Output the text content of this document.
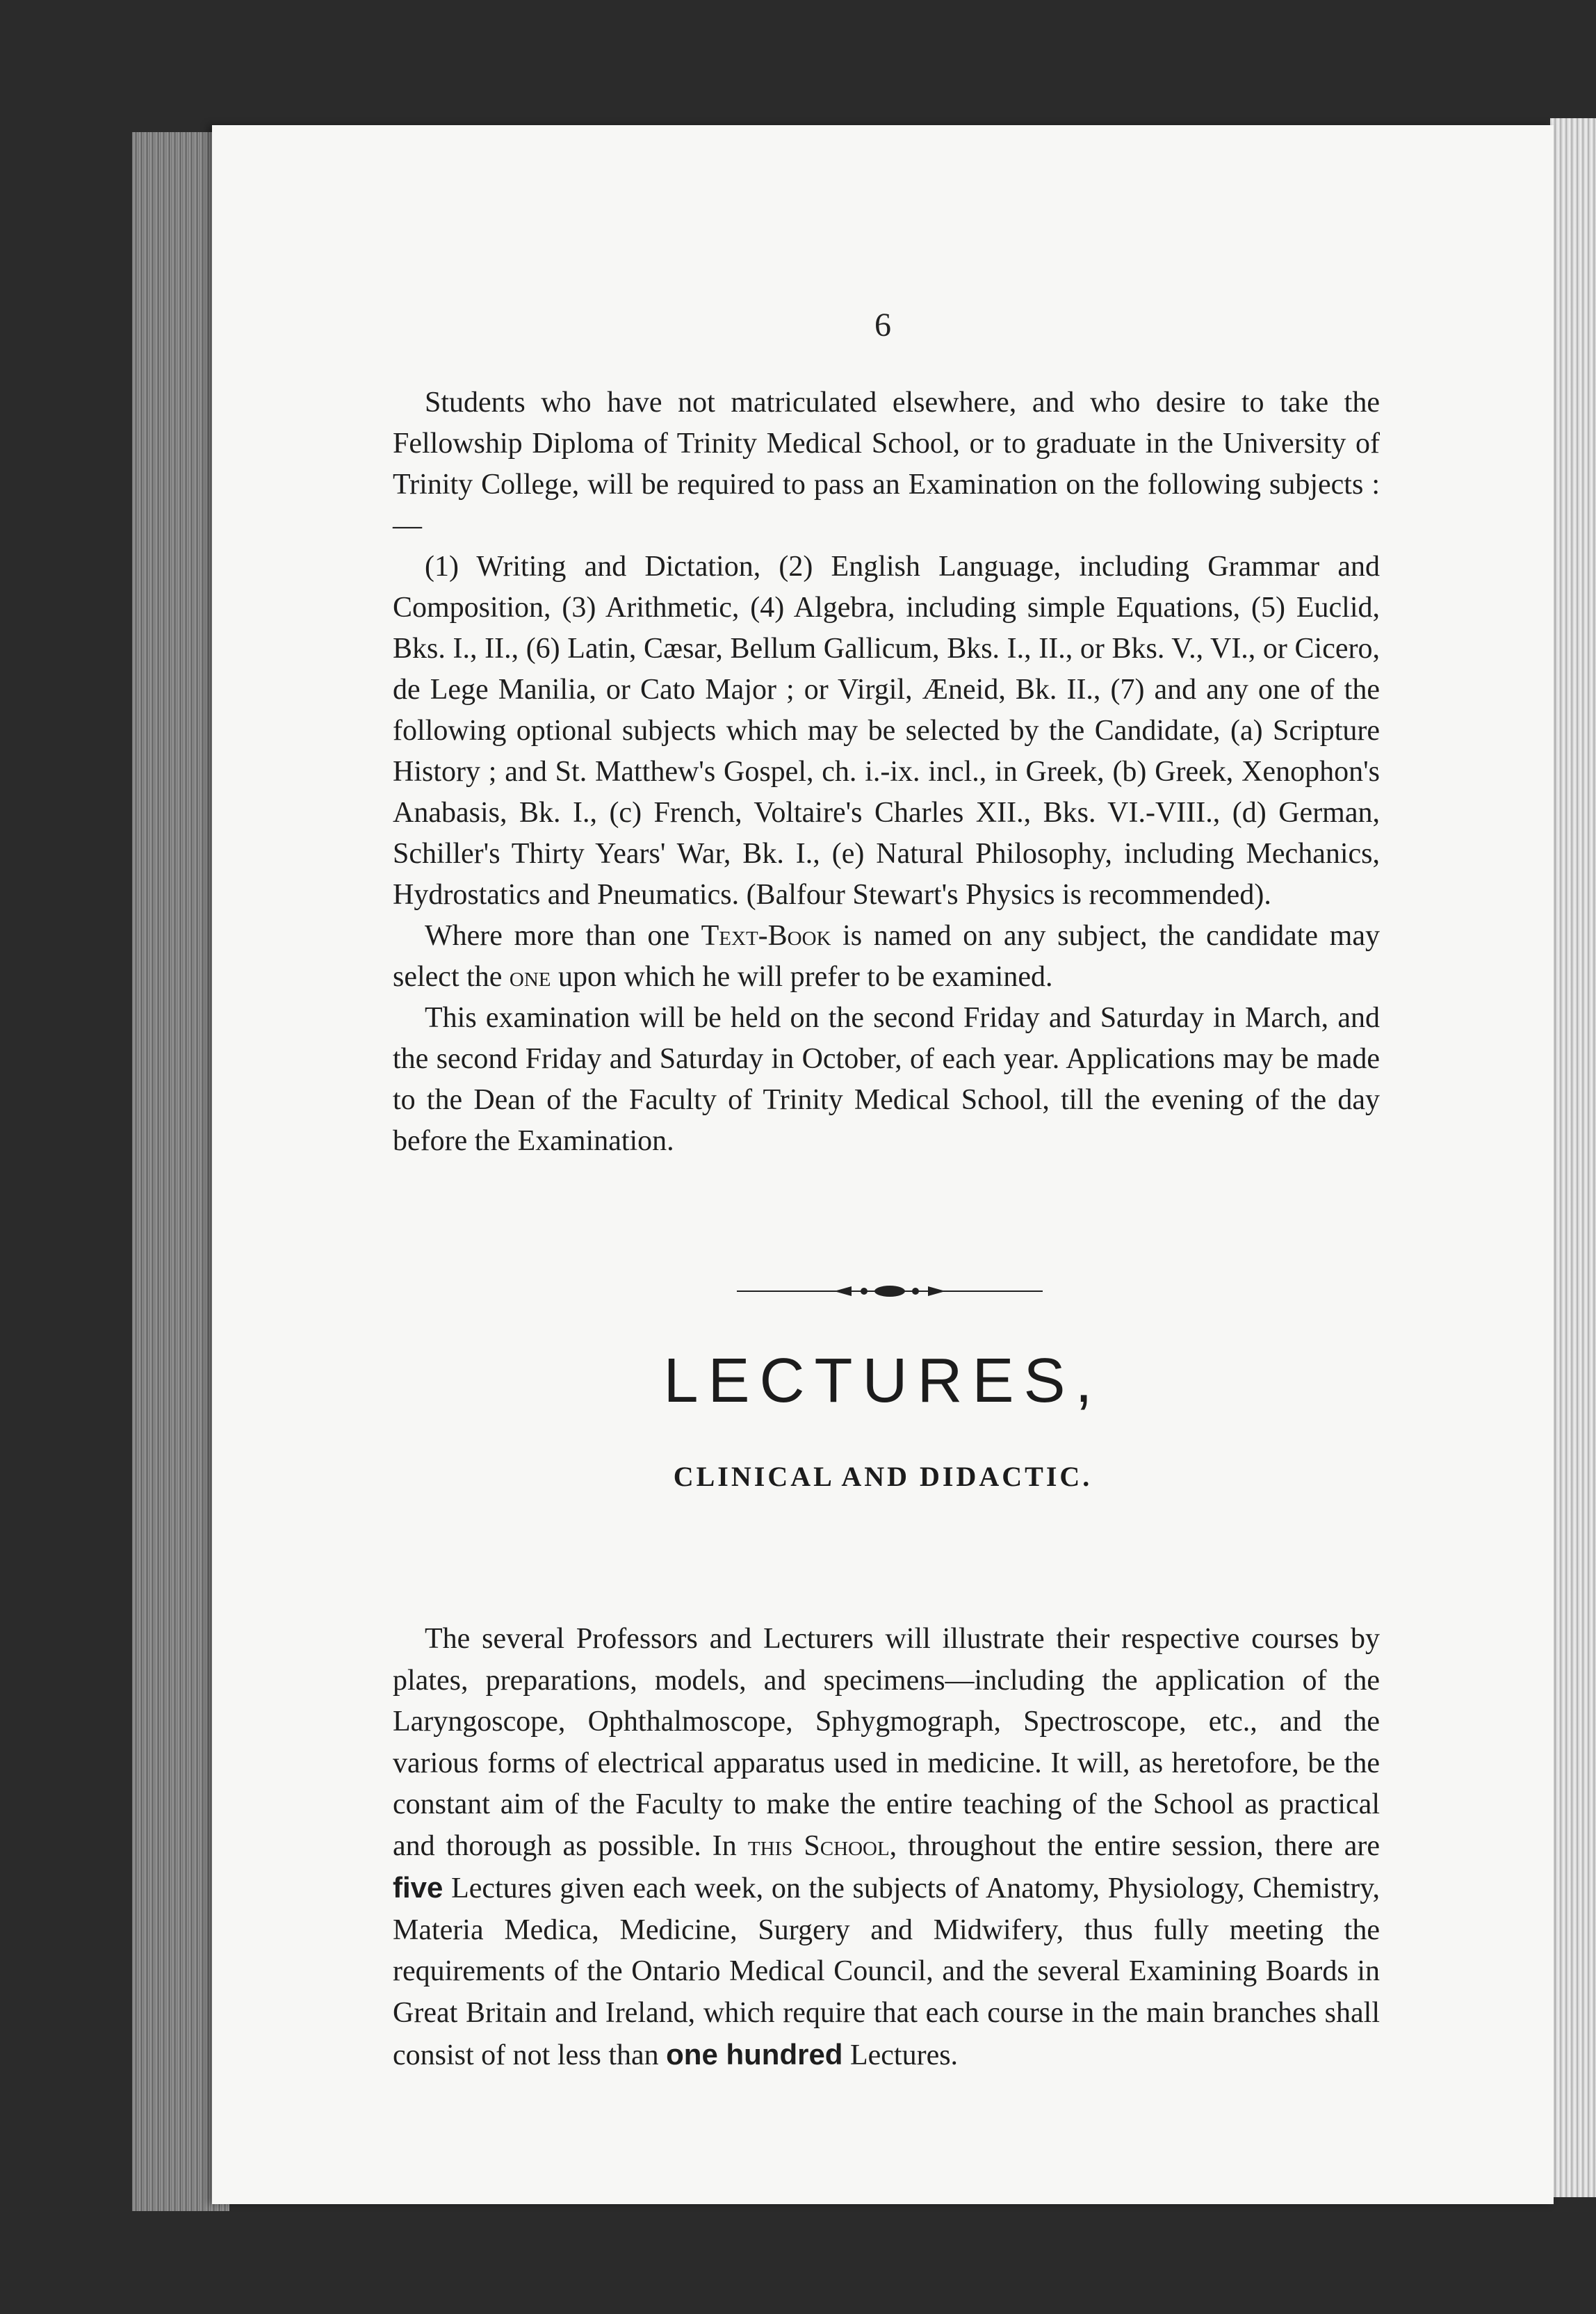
6

Students who have not matriculated elsewhere, and who desire to take the Fellowship Diploma of Trinity Medical School, or to graduate in the University of Trinity College, will be required to pass an Examination on the following subjects :—

(1) Writing and Dictation, (2) English Language, including Grammar and Composition, (3) Arithmetic, (4) Algebra, including simple Equations, (5) Euclid, Bks. I., II., (6) Latin, Cæsar, Bellum Gallicum, Bks. I., II., or Bks. V., VI., or Cicero, de Lege Manilia, or Cato Major ; or Virgil, Æneid, Bk. II., (7) and any one of the following optional subjects which may be selected by the Candidate, (a) Scripture History ; and St. Matthew's Gospel, ch. i.-ix. incl., in Greek, (b) Greek, Xenophon's Anabasis, Bk. I., (c) French, Voltaire's Charles XII., Bks. VI.-VIII., (d) German, Schiller's Thirty Years' War, Bk. I., (e) Natural Philosophy, including Mechanics, Hydrostatics and Pneumatics. (Balfour Stewart's Physics is recommended).

Where more than one Text-Book is named on any subject, the candidate may select the one upon which he will prefer to be examined.

This examination will be held on the second Friday and Saturday in March, and the second Friday and Saturday in October, of each year. Applications may be made to the Dean of the Faculty of Trinity Medical School, till the evening of the day before the Examination.

LECTURES,
CLINICAL AND DIDACTIC.

The several Professors and Lecturers will illustrate their respective courses by plates, preparations, models, and specimens—including the application of the Laryngoscope, Ophthalmoscope, Sphygmograph, Spectroscope, etc., and the various forms of electrical apparatus used in medicine. It will, as heretofore, be the constant aim of the Faculty to make the entire teaching of the School as practical and thorough as possible. In this School, throughout the entire session, there are five Lectures given each week, on the subjects of Anatomy, Physiology, Chemistry, Materia Medica, Medicine, Surgery and Midwifery, thus fully meeting the requirements of the Ontario Medical Council, and the several Examining Boards in Great Britain and Ireland, which require that each course in the main branches shall consist of not less than one hundred Lectures.
